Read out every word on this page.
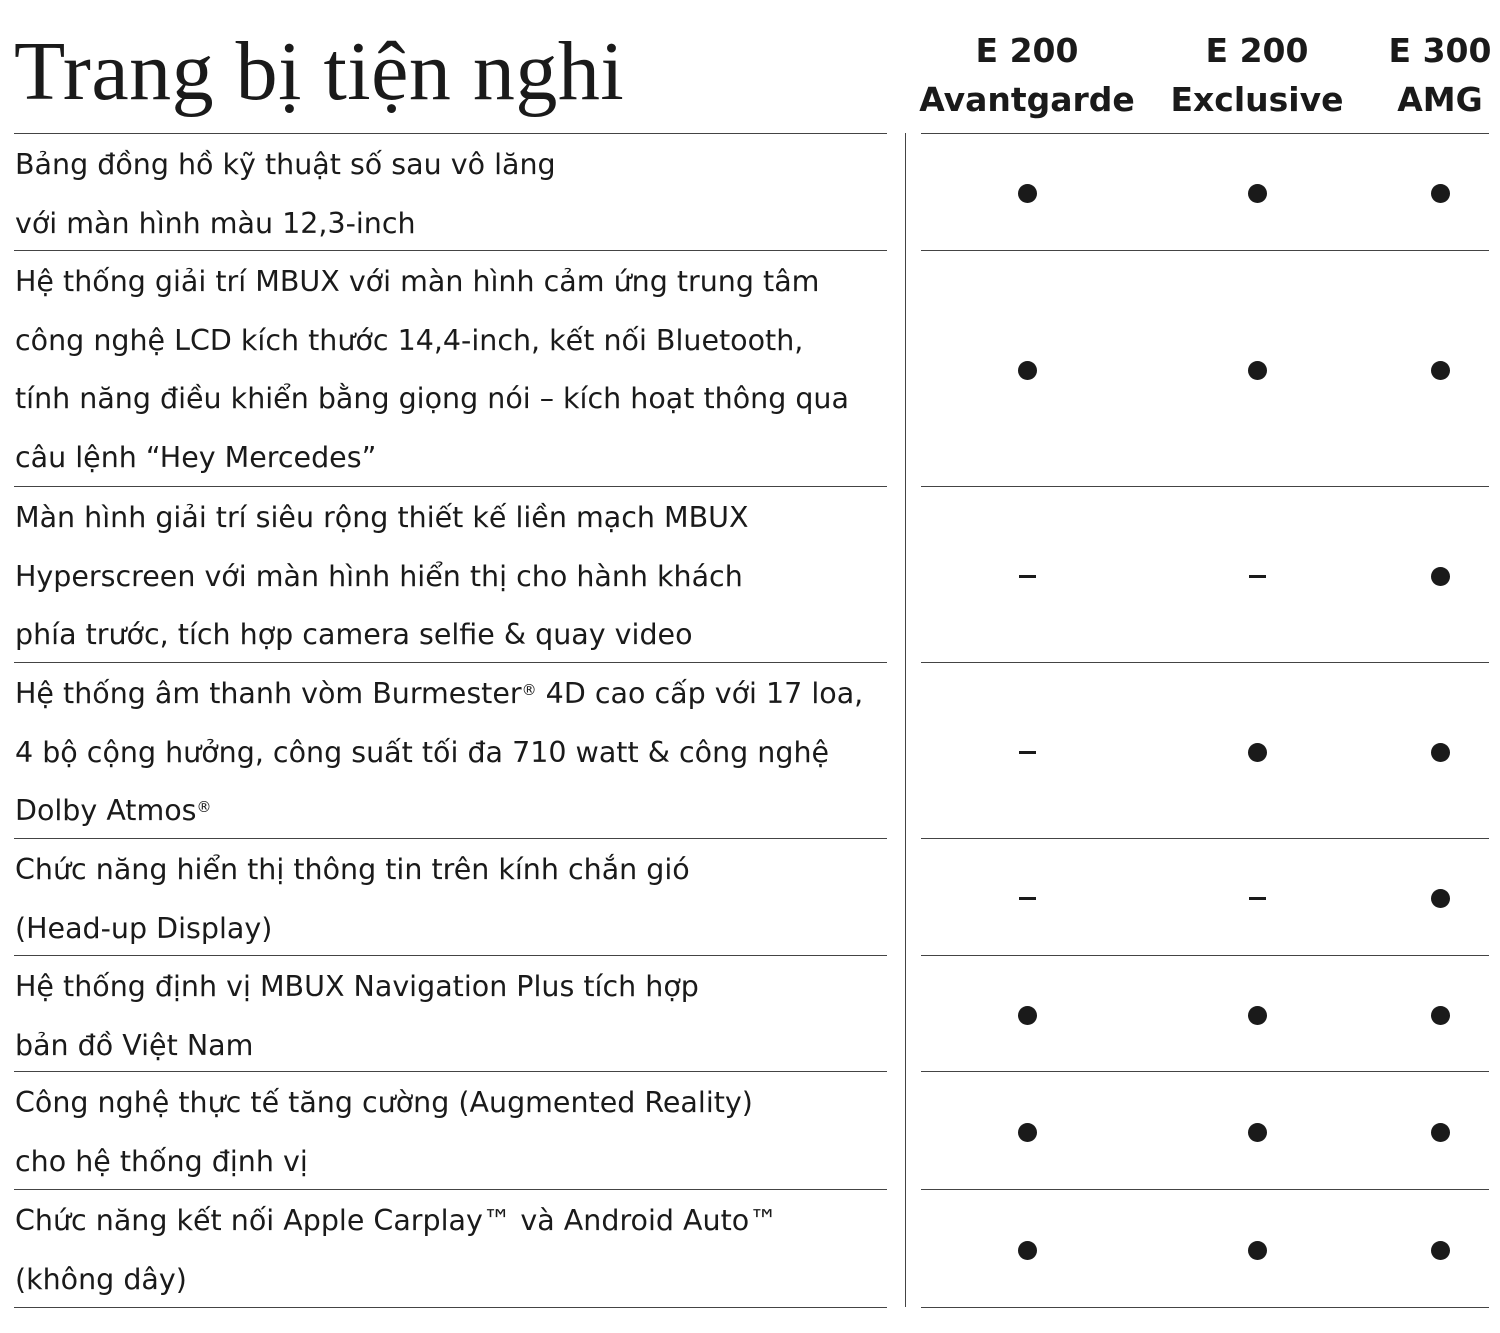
Trang bị tiện nghi	E 200
Avantgarde
E 200
Exclusive
E 300
AMG
Bảng đồng hồ kỹ thuật số sau vô lăng
với màn hình màu 12,3-inch
Hệ thống giải trí MBUX với màn hình cảm ứng trung tâm
công nghệ LCD kích thước 14,4-inch, kết nối Bluetooth,
tính năng điều khiển bằng giọng nói – kích hoạt thông qua
câu lệnh “Hey Mercedes”
Màn hình giải trí siêu rộng thiết kế liền mạch MBUX
Hyperscreen với màn hình hiển thị cho hành khách
phía trước, tích hợp camera selfie & quay video
Hệ thống âm thanh vòm Burmester® 4D cao cấp với 17 loa,
4 bộ cộng hưởng, công suất tối đa 710 watt & công nghệ
Dolby Atmos®
Chức năng hiển thị thông tin trên kính chắn gió
(Head-up Display)
Hệ thống định vị MBUX Navigation Plus tích hợp
bản đồ Việt Nam
Công nghệ thực tế tăng cường (Augmented Reality)
cho hệ thống định vị
Chức năng kết nối Apple Carplay™ và Android Auto™
(không dây)
